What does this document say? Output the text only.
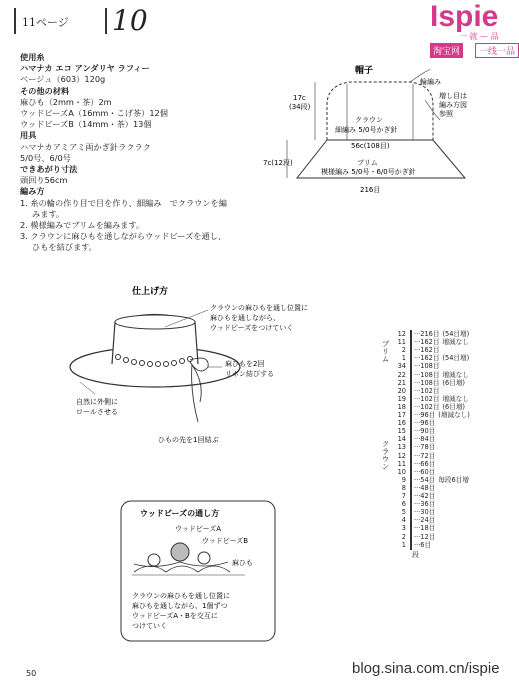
11ページ 10	Ispie
一 就 — 品
淘宝网	一线一品
使用糸
ハマナカ エコ アンダリヤ ラフィー
ベージュ（603）120g
その他の材料
麻ひも（2mm・茶）2m
ウッドビーズA（16mm・こげ茶）12個
ウッドビーズB（14mm・茶）13個
用具
ハマナカアミアミ両かぎ針ラクラク
5/0号、6/0号
できあがり寸法
頭回り56cm
編み方
1. 糸の輪の作り目で目を作り、細編み　でクラウンを編みます。
2. 模様編みでブリムを編みます。
3. クラウンに麻ひもを通しながらウッドビーズを通し、ひもを結びます。
帽子
輪編み
17c
(34段)
クラウン
細編み 5/0号かぎ針
増し目は
編み方図
参照
56c(108目)
7c(12段)	ブリム
模様編み 5/0号・6/0号かぎ針
216目
仕上げ方
クラウンの麻ひもを通し位置に
麻ひもを通しながら、
ウッドビーズをつけていく
麻ひもを2回
リボン結びする
自然に外側に
ロールさせる
ひもの先を1回結ぶ
ウッドビーズの通し方
ウッドビーズA
ウッドビーズB
麻ひも
クラウンの麻ひもを通し位置に
麻ひもを通しながら、1個ずつ
ウッドビーズA・Bを交互に
つけていく
ブリム
クラウン
段
12 ···216目 (54目増)
11 ···162目 増減なし
2 ···162目
1 ···162目 (54目増)
34 ···108目
22 ···108目 増減なし
21 ···108目 (6目増)
20 ···102目
19 ···102目 増減なし
18 ···102目 (6目増)
17 ···96目 (増減なし)
16 ···96目
15 ···90目
14 ···84目
13 ···78目
12 ···72目
11 ···66目
10 ···60目
9 ···54目 毎段6目増
8 ···48目
7 ···42目
6 ···36目
5 ···30目
4 ···24目
3 ···18目
2 ···12目
1 ···6目
50	blog.sina.com.cn/ispie
